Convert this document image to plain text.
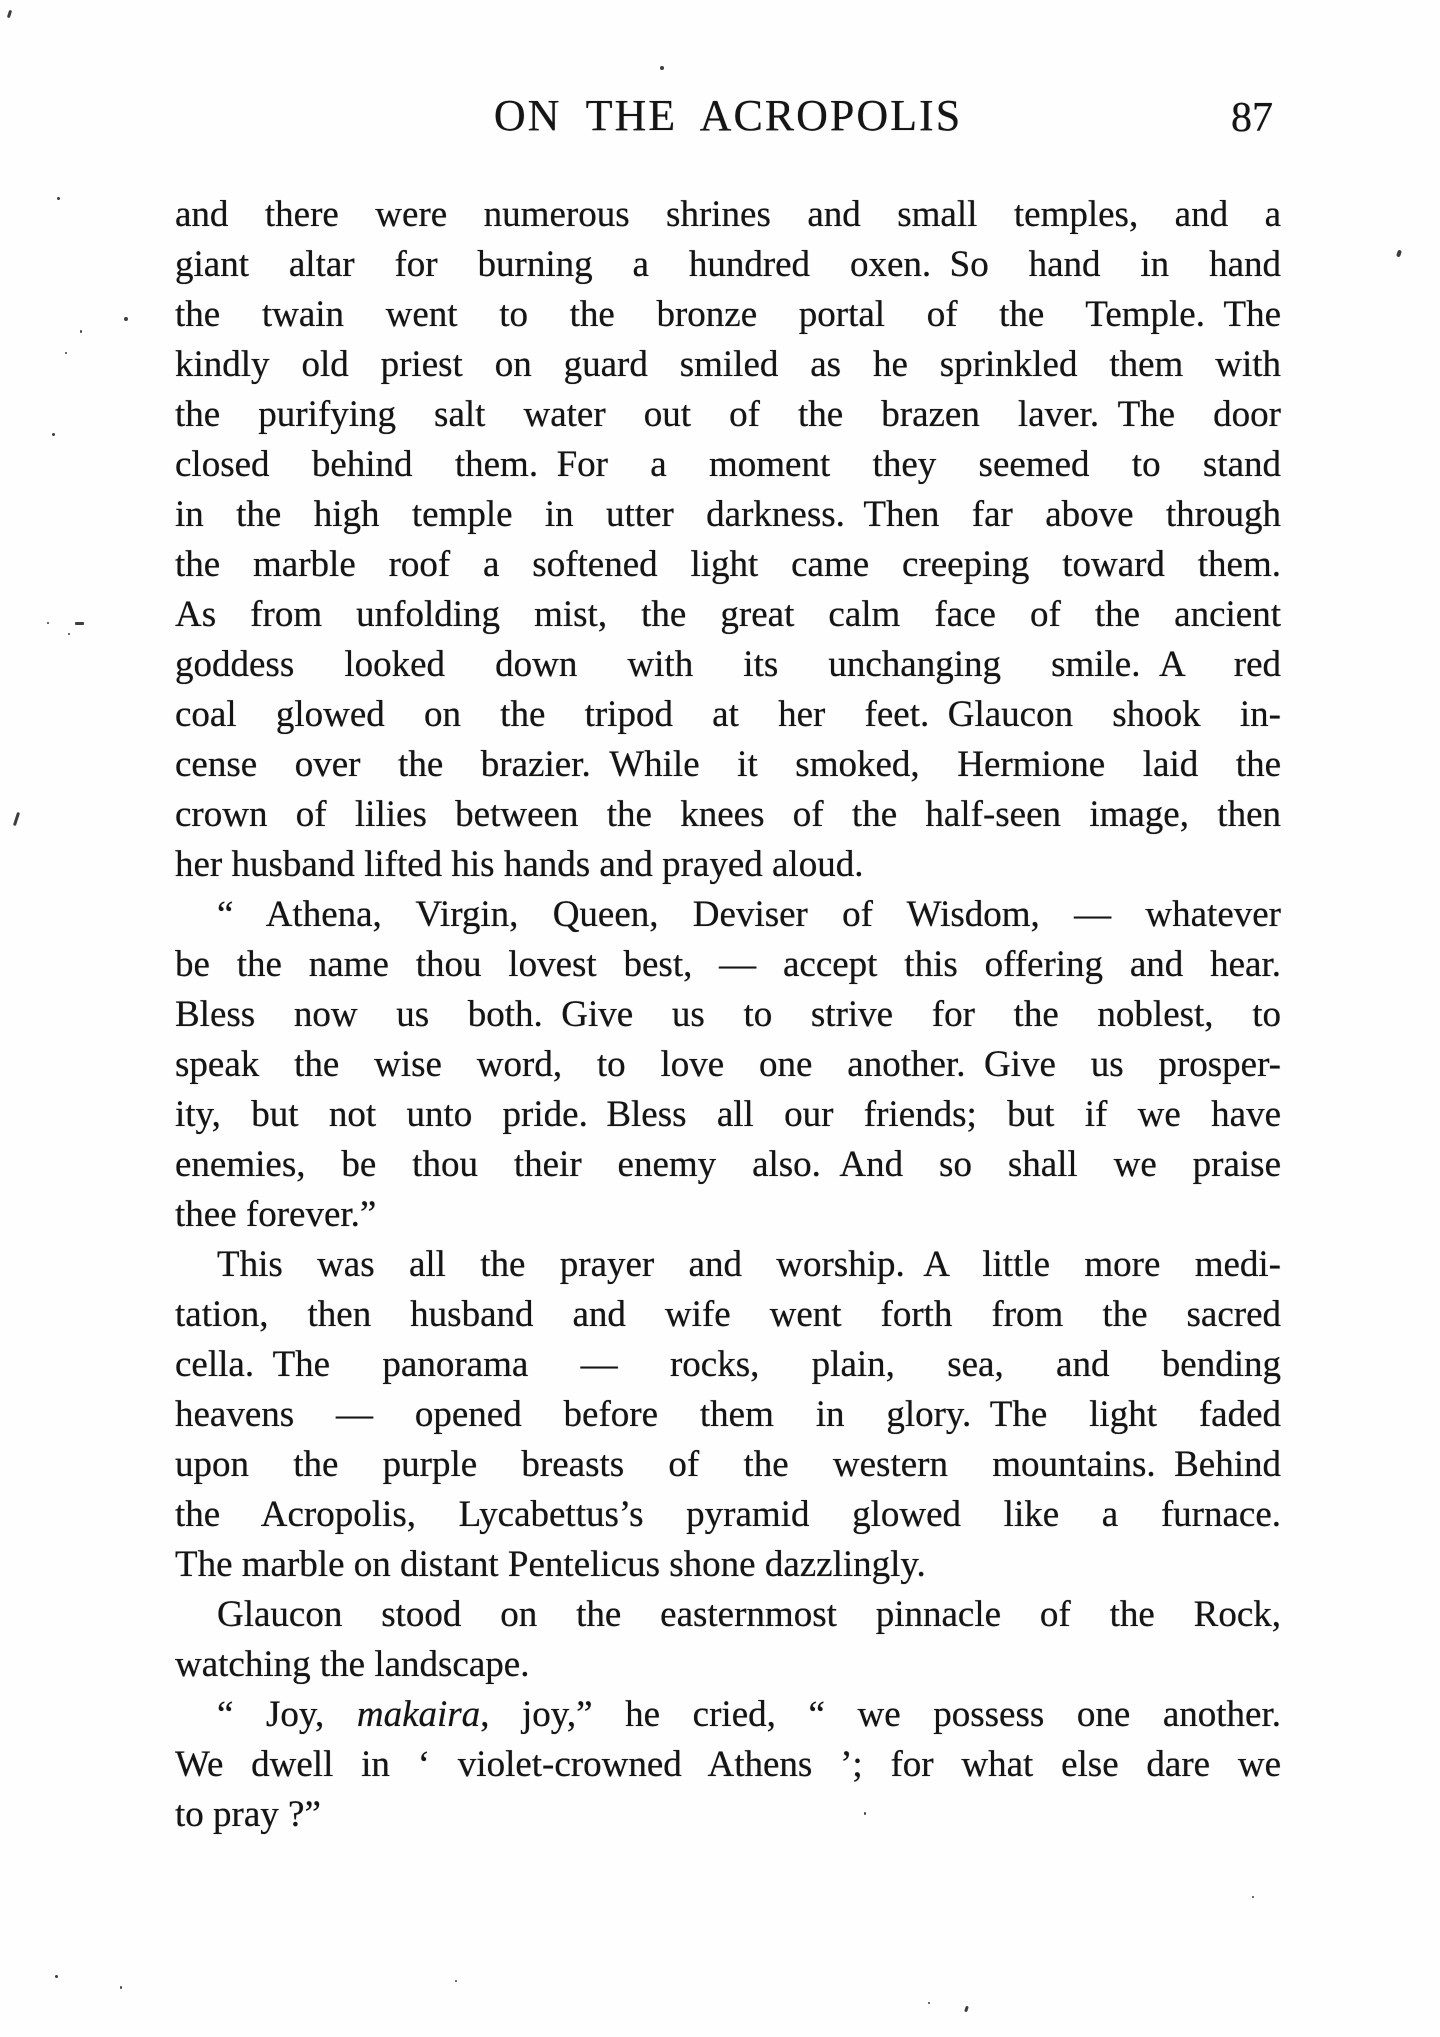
ON THE ACROPOLIS	87
and there were numerous shrines and small temples, and a
giant altar for burning a hundred oxen. So hand in hand
the twain went to the bronze portal of the Temple. The
kindly old priest on guard smiled as he sprinkled them with
the purifying salt water out of the brazen laver. The door
closed behind them. For a moment they seemed to stand
in the high temple in utter darkness. Then far above through
the marble roof a softened light came creeping toward them.
As from unfolding mist, the great calm face of the ancient
goddess looked down with its unchanging smile. A red
coal glowed on the tripod at her feet. Glaucon shook in-
cense over the brazier. While it smoked, Hermione laid the
crown of lilies between the knees of the half-seen image, then
her husband lifted his hands and prayed aloud.
“ Athena, Virgin, Queen, Deviser of Wisdom, — whatever
be the name thou lovest best, — accept this offering and hear.
Bless now us both. Give us to strive for the noblest, to
speak the wise word, to love one another. Give us prosper-
ity, but not unto pride. Bless all our friends; but if we have
enemies, be thou their enemy also. And so shall we praise
thee forever.”
This was all the prayer and worship. A little more medi-
tation, then husband and wife went forth from the sacred
cella. The panorama — rocks, plain, sea, and bending
heavens — opened before them in glory. The light faded
upon the purple breasts of the western mountains. Behind
the Acropolis, Lycabettus’s pyramid glowed like a furnace.
The marble on distant Pentelicus shone dazzlingly.
Glaucon stood on the easternmost pinnacle of the Rock,
watching the landscape.
“ Joy, makaira, joy,” he cried, “ we possess one another.
We dwell in ‘ violet-crowned Athens ’; for what else dare we
to pray ?”
